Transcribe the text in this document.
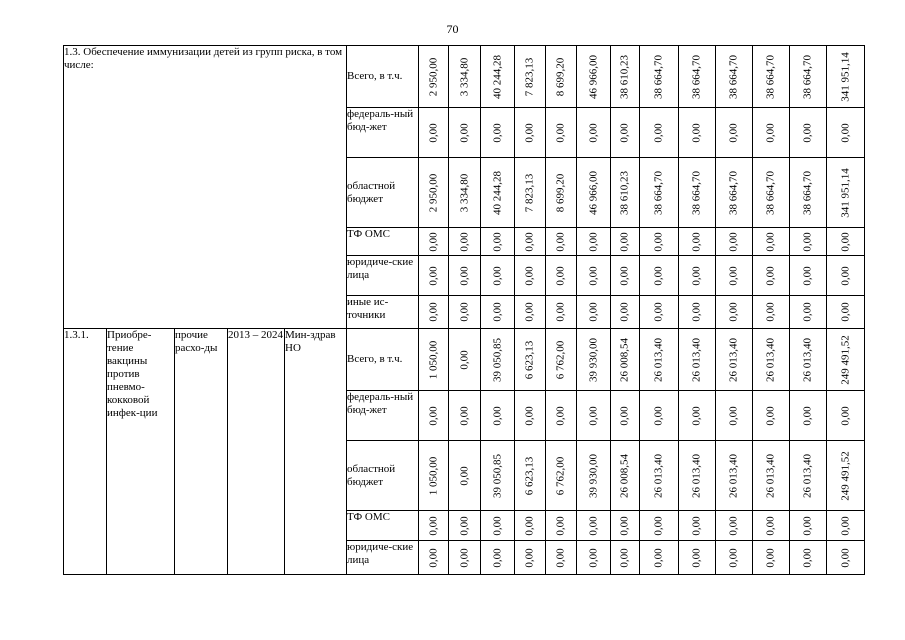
70
1.3. Обеспечение иммунизации детей из групп риска, в том числе:					Всего, в т.ч.	2 950,00	3 334,80	40 244,28	7 823,13	8 699,20	46 966,00	38 610,23	38 664,70	38 664,70	38 664,70	38 664,70	38 664,70	341 951,14

					федераль-ный бюд-жет	0,00	0,00	0,00	0,00	0,00	0,00	0,00	0,00	0,00	0,00	0,00	0,00	0,00

					областной бюджет	2 950,00	3 334,80	40 244,28	7 823,13	8 699,20	46 966,00	38 610,23	38 664,70	38 664,70	38 664,70	38 664,70	38 664,70	341 951,14

					ТФ ОМС	0,00	0,00	0,00	0,00	0,00	0,00	0,00	0,00	0,00	0,00	0,00	0,00	0,00

					юридиче-ские лица	0,00	0,00	0,00	0,00	0,00	0,00	0,00	0,00	0,00	0,00	0,00	0,00	0,00

					иные ис-точники	0,00	0,00	0,00	0,00	0,00	0,00	0,00	0,00	0,00	0,00	0,00	0,00	0,00

1.3.1.	Приобре-тение вакцины против пневмо-кокковой инфек-ции	прочие расхо-ды	2013 – 2024	Мин-здрав НО	Всего, в т.ч.	1 050,00	0,00	39 050,85	6 623,13	6 762,00	39 930,00	26 008,54	26 013,40	26 013,40	26 013,40	26 013,40	26 013,40	249 491,52

					федераль-ный бюд-жет	0,00	0,00	0,00	0,00	0,00	0,00	0,00	0,00	0,00	0,00	0,00	0,00	0,00

					областной бюджет	1 050,00	0,00	39 050,85	6 623,13	6 762,00	39 930,00	26 008,54	26 013,40	26 013,40	26 013,40	26 013,40	26 013,40	249 491,52

					ТФ ОМС	0,00	0,00	0,00	0,00	0,00	0,00	0,00	0,00	0,00	0,00	0,00	0,00	0,00

					юридиче-ские лица	0,00	0,00	0,00	0,00	0,00	0,00	0,00	0,00	0,00	0,00	0,00	0,00	0,00
